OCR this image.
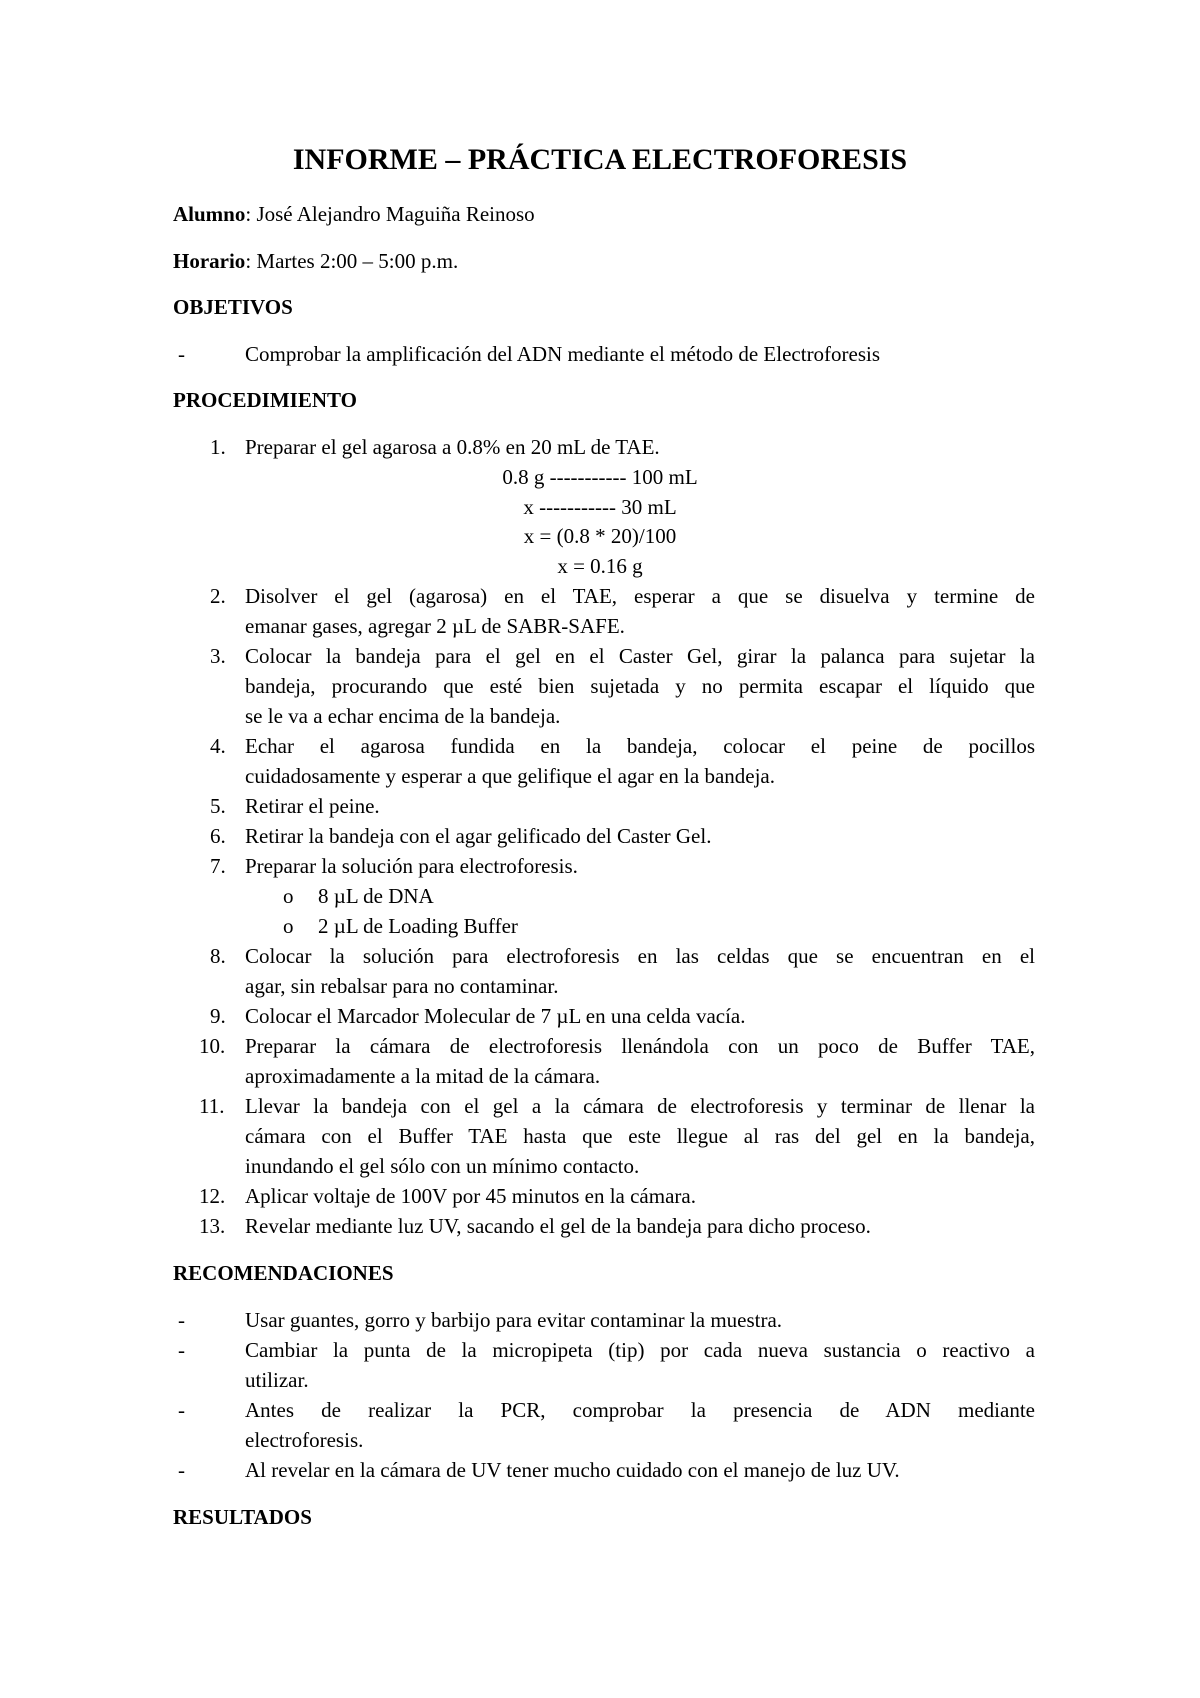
INFORME – PRÁCTICA ELECTROFORESIS
Alumno: José Alejandro Maguiña Reinoso
Horario: Martes 2:00 – 5:00 p.m.
OBJETIVOS
-	Comprobar la amplificación del ADN mediante el método de Electroforesis
PROCEDIMIENTO
1. Preparar el gel agarosa a 0.8% en 20 mL de TAE.
0.8 g ----------- 100 mL
x ----------- 30 mL
x = (0.8 * 20)/100
x = 0.16 g
2. Disolver el gel (agarosa) en el TAE, esperar a que se disuelva y termine de
emanar gases, agregar 2 µL de SABR-SAFE.
3. Colocar la bandeja para el gel en el Caster Gel, girar la palanca para sujetar la
bandeja, procurando que esté bien sujetada y no permita escapar el líquido que
se le va a echar encima de la bandeja.
4. Echar el agarosa fundida en la bandeja, colocar el peine de pocillos
cuidadosamente y esperar a que gelifique el agar en la bandeja.
5. Retirar el peine.
6. Retirar la bandeja con el agar gelificado del Caster Gel.
7. Preparar la solución para electroforesis.
o 8 µL de DNA
o 2 µL de Loading Buffer
8. Colocar la solución para electroforesis en las celdas que se encuentran en el
agar, sin rebalsar para no contaminar.
9. Colocar el Marcador Molecular de 7 µL en una celda vacía.
10. Preparar la cámara de electroforesis llenándola con un poco de Buffer TAE,
aproximadamente a la mitad de la cámara.
11. Llevar la bandeja con el gel a la cámara de electroforesis y terminar de llenar la
cámara con el Buffer TAE hasta que este llegue al ras del gel en la bandeja,
inundando el gel sólo con un mínimo contacto.
12. Aplicar voltaje de 100V por 45 minutos en la cámara.
13. Revelar mediante luz UV, sacando el gel de la bandeja para dicho proceso.
RECOMENDACIONES
-	Usar guantes, gorro y barbijo para evitar contaminar la muestra.
-	Cambiar la punta de la micropipeta (tip) por cada nueva sustancia o reactivo a
utilizar.
-	Antes de realizar la PCR, comprobar la presencia de ADN mediante
electroforesis.
-	Al revelar en la cámara de UV tener mucho cuidado con el manejo de luz UV.
RESULTADOS
